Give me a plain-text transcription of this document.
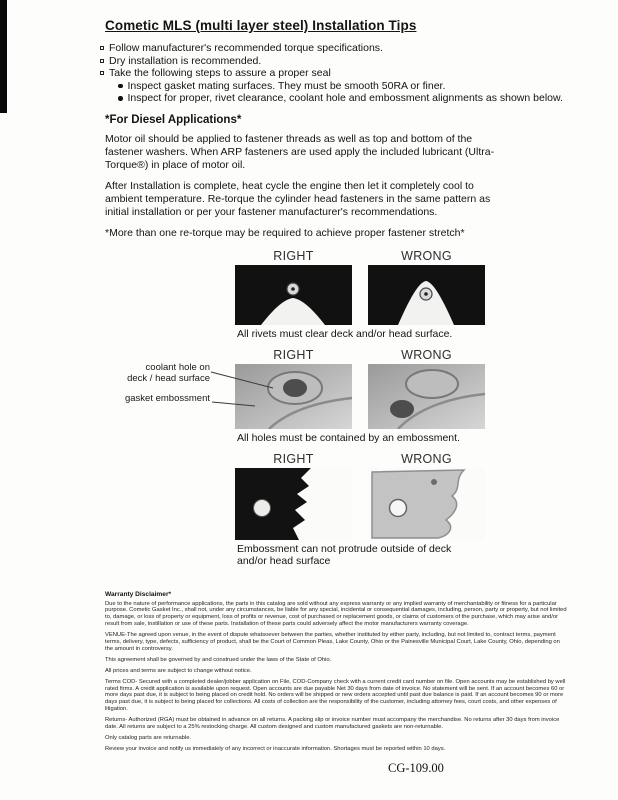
Cometic MLS (multi layer steel) Installation Tips
Follow manufacturer's recommended torque specifications.
Dry installation is recommended.
Take the following steps to assure a proper seal
Inspect gasket mating surfaces. They must be smooth 50RA or finer.
Inspect for proper, rivet clearance, coolant hole and embossment alignments as shown below.
*For Diesel Applications*

Motor oil should be applied to fastener threads as well as top and bottom of the fastener washers. When ARP fasteners are used apply the included lubricant (Ultra-Torque®) in place of motor oil.

After Installation is complete, heat cycle the engine then let it completely cool to ambient temperature. Re-torque the cylinder head fasteners in the same pattern as initial installation or per your fastener manufacturer's recommendations.

*More than one re-torque may be required to achieve proper fastener stretch*

RIGHT	WRONG

All rivets must clear deck and/or head surface.

RIGHT	WRONG
coolant hole on
deck / head surface
gasket embossment

All holes must be contained by an embossment.

RIGHT	WRONG

Embossment can not protrude outside of deck
and/or head surface

Warranty Disclaimer*

Due to the nature of performance applications, the parts in this catalog are sold without any express warranty or any implied warranty of merchantability or fitness for a particular purpose. Cometic Gasket Inc., shall not, under any circumstances, be liable for any special, incidental or consequential damages, including, person, party or property, but not limited to, damage, or loss of property or equipment, loss of profits or revenue, cost of purchased or replacement goods, or claims of customers of the purchase, which may arise and/or result from sale, instillation or use of these parts. Installation of these parts could adversely affect the motor manufacturers warranty coverage.

VENUE-The agreed upon venue, in the event of dispute whatsoever between the parties, whether instituted by either party, including, but not limited to, contract terms, payment terms, delivery, type, defects, sufficiency of product, shall be the Court of Common Pleas, Lake County, Ohio or the Painesville Municipal Court, Lake County, Ohio, depending on the amount in controversy.

This agreement shall be governed by and construed under the laws of the State of Ohio.

All prices and terms are subject to change without notice.

Terms COD- Secured with a completed dealer/jobber application on File, COD-Company check with a current credit card number on file. Open accounts may be established by well rated firms. A credit application is available upon request. Open accounts are due payable Net 30 days from date of invoice. No statement will be sent. If an account becomes 60 or more days past due, it is subject to being placed on credit hold. No orders will be shipped or new orders accepted until past due balance is paid. If an account becomes 90 or more days past due, it is subject to being placed for collections. All costs of collection are the responsibility of the customer, including attorney fees, court costs, and other expenses of litigation.

Returns- Authorized (RGA) must be obtained in advance on all returns. A packing slip or invoice number must accompany the merchandise. No returns after 30 days from invoice date. All returns are subject to a 25% restocking charge. All custom designed and custom manufactured gaskets are non-returnable.

Only catalog parts are returnable.

Review your invoice and notify us immediately of any incorrect or inaccurate information. Shortages must be reported within 10 days.

CG-109.00
